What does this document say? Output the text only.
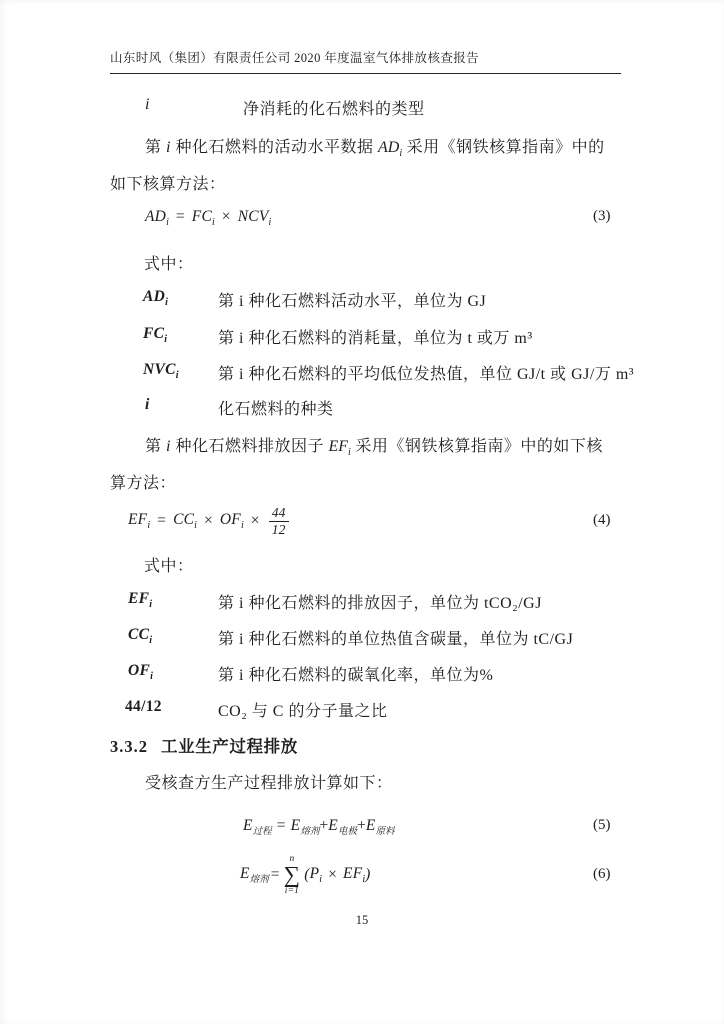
山东时风（集团）有限责任公司 2020 年度温室气体排放核查报告
i	净消耗的化石燃料的类型
第 i 种化石燃料的活动水平数据 $AD_i$ 采用《钢铁核算指南》中的
如下核算方法：
$AD_i = FC_i \times NCV_i$	(3)
式中：
$AD_i$	第 i 种化石燃料活动水平，单位为 GJ
$FC_i$	第 i 种化石燃料的消耗量，单位为 t 或万 m³
$NVC_i$ 第 i 种化石燃料的平均低位发热值，单位 GJ/t 或 GJ/万 m³
i	化石燃料的种类
第 i 种化石燃料排放因子 $EF_i$ 采用《钢铁核算指南》中的如下核
算方法：
$EF_i = CC_i \times OF_i \times \frac{44}{12}$	(4)
式中：
$EF_i$	第 i 种化石燃料的排放因子，单位为 tCO₂/GJ
$CC_i$	第 i 种化石燃料的单位热值含碳量，单位为 tC/GJ
$OF_i$	第 i 种化石燃料的碳氧化率，单位为%
44/12	CO₂ 与 C 的分子量之比
3.3.2 工业生产过程排放
受核查方生产过程排放计算如下：
$E_{过程} = E_{熔剂}+E_{电极}+E_{原料}$	(5)
$E_{熔剂}$ =
n
∑
i=1
( $P_i \times EF_i$ )	(6)
15
